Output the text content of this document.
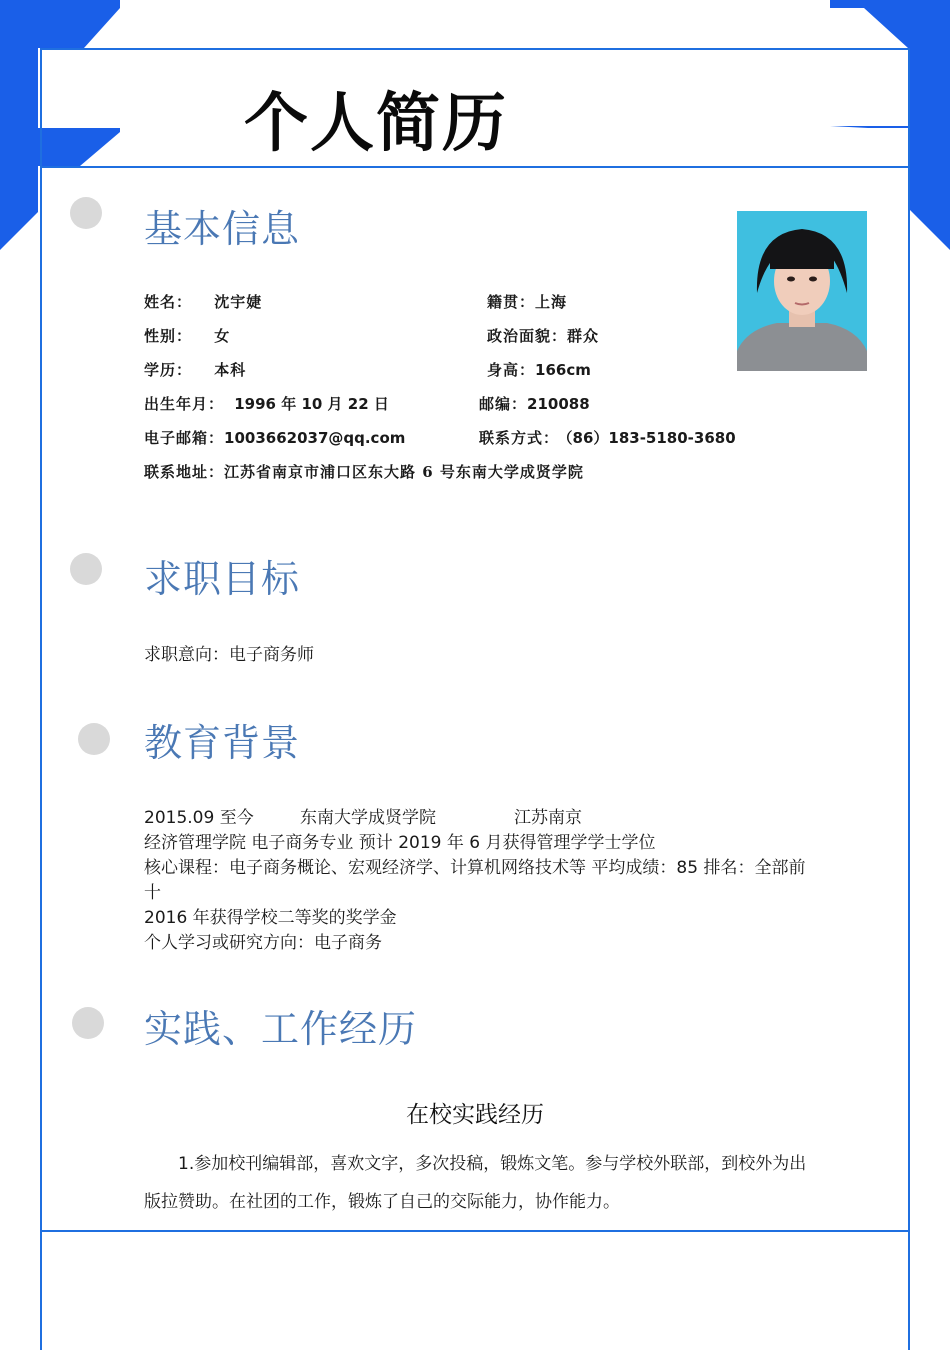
个人简历
基本信息
姓名： 沈宇婕	籍贯：上海
性别： 女	政治面貌：群众
学历： 本科	身高：166cm
出生年月： 1996 年 10 月 22 日	邮编：210088
电子邮箱：1003662037@qq.com	联系方式： （86）183-5180-3680
联系地址：江苏省南京市浦口区东大路 6 号东南大学成贤学院
求职目标
求职意向：电子商务师
教育背景
2015.09 至今	东南大学成贤学院	江苏南京
经济管理学院 电子商务专业 预计 2019 年 6 月获得管理学学士学位
核心课程：电子商务概论、宏观经济学、计算机网络技术等 平均成绩：85 排名：全部前
十
2016 年获得学校二等奖的奖学金
个人学习或研究方向：电子商务
实践、工作经历
在校实践经历
1.参加校刊编辑部，喜欢文字，多次投稿，锻炼文笔。参与学校外联部，到校外为出版拉赞助。在社团的工作，锻炼了自己的交际能力，协作能力。
